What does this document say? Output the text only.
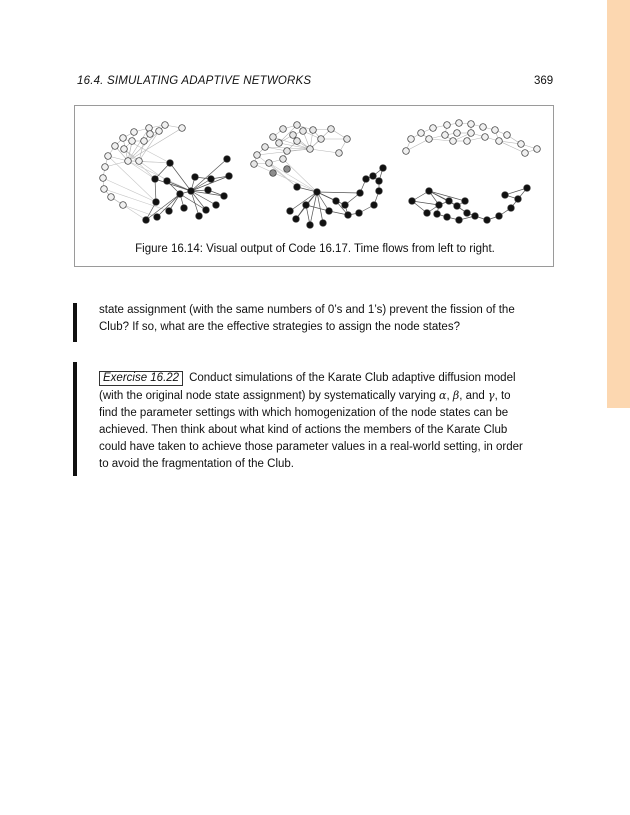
16.4. SIMULATING ADAPTIVE NETWORKS	369
Figure 16.14: Visual output of Code 16.17. Time flows from left to right.
state assignment (with the same numbers of 0’s and 1’s) prevent the fission of the
Club? If so, what are the effective strategies to assign the node states?
Exercise 16.22 Conduct simulations of the Karate Club adaptive diffusion model
(with the original node state assignment) by systematically varying α, β, and γ, to
find the parameter settings with which homogenization of the node states can be
achieved. Then think about what kind of actions the members of the Karate Club
could have taken to achieve those parameter values in a real-world setting, in order
to avoid the fragmentation of the Club.
